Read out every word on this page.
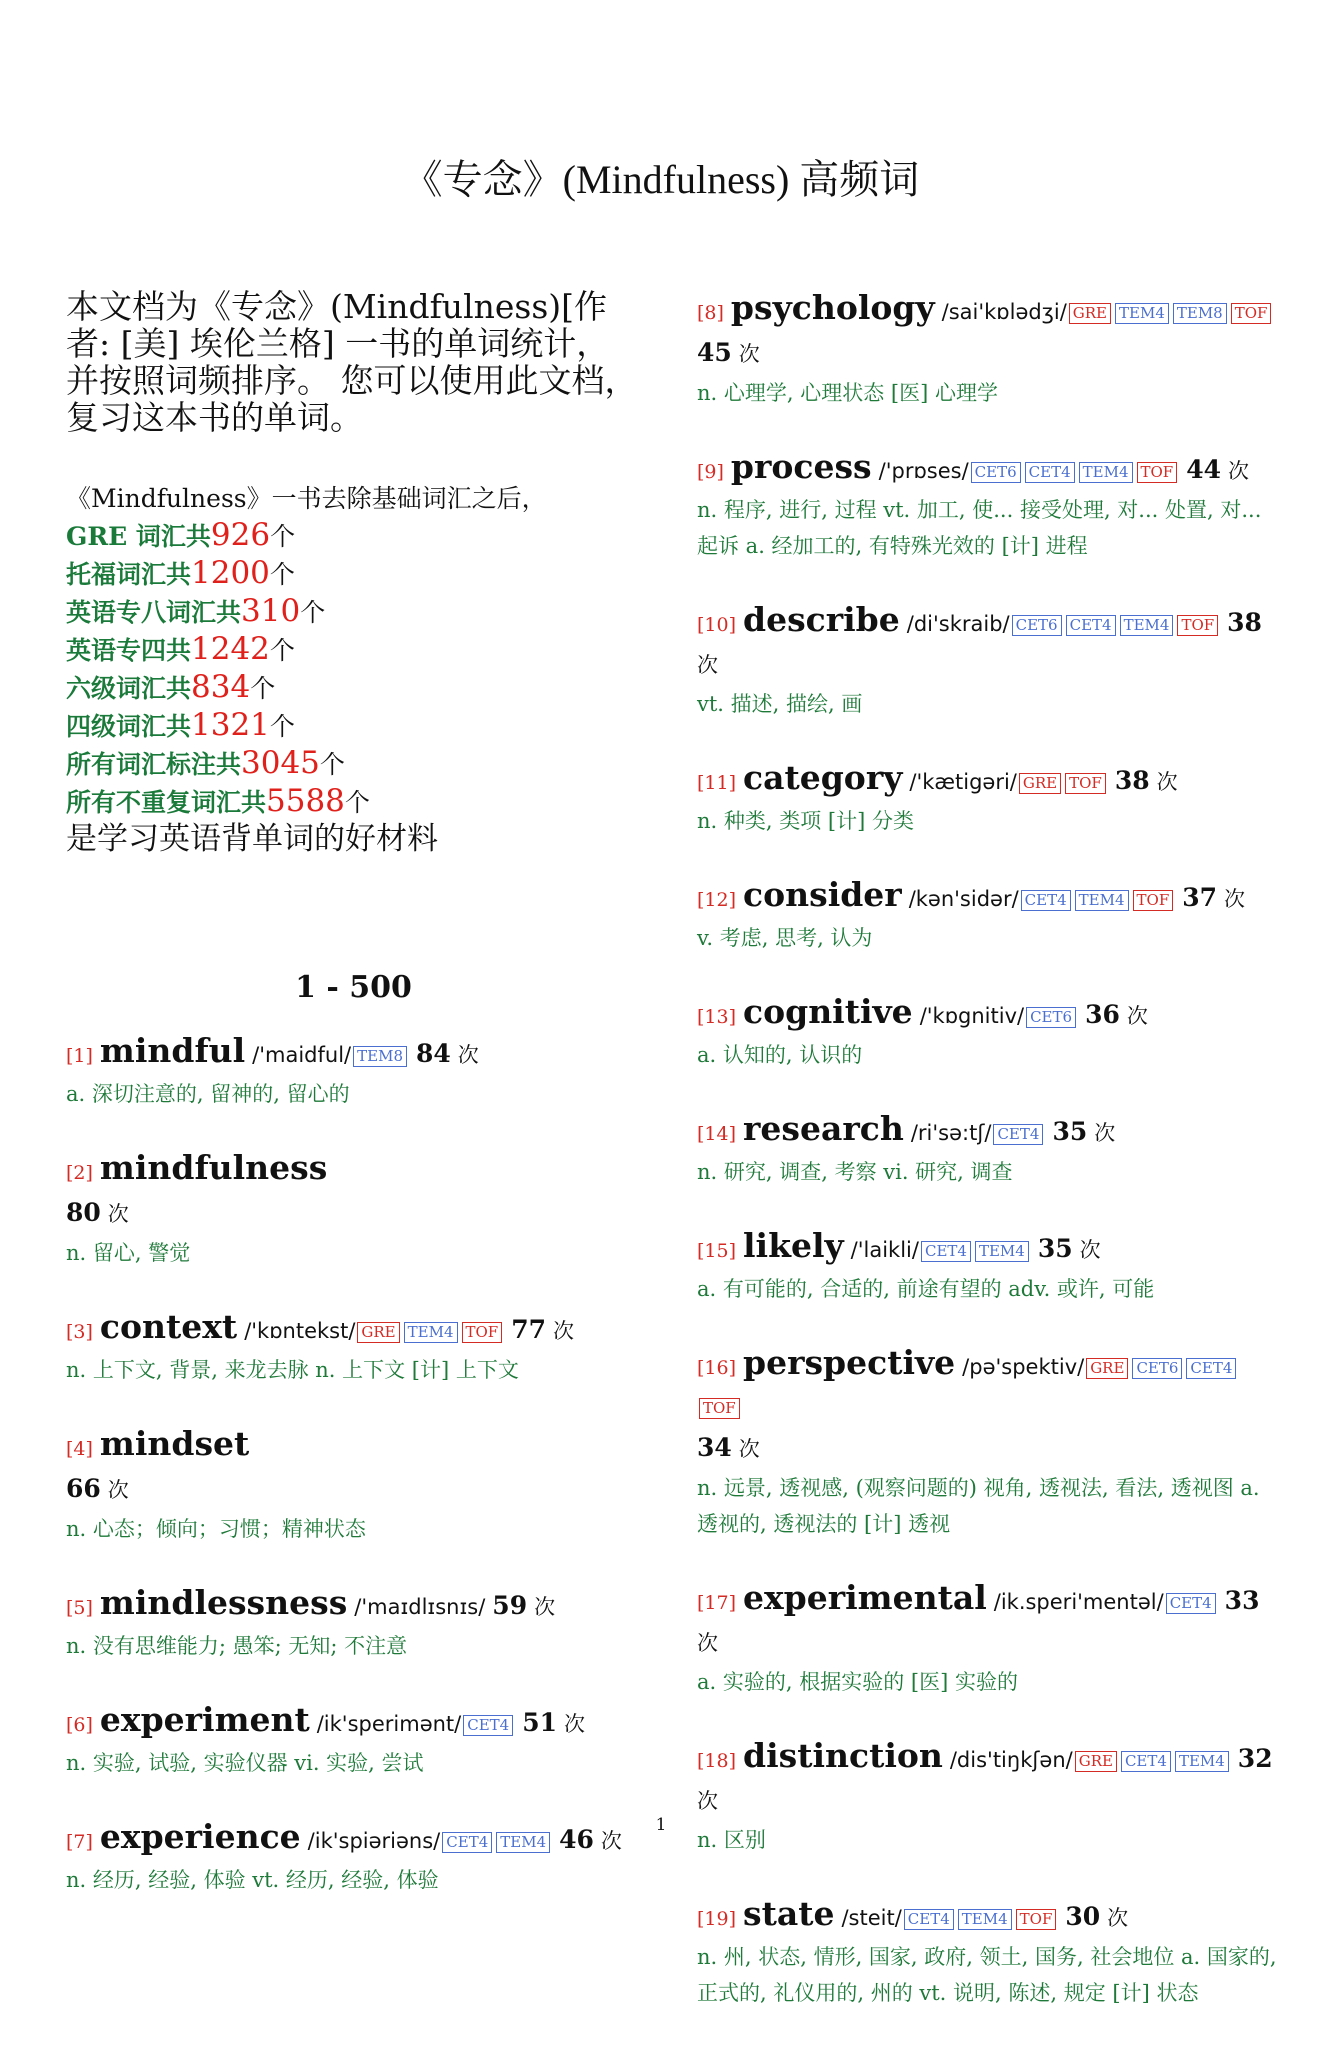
《专念》(Mindfulness) 高频词
本文档为《专念》(Mindfulness)[作者: [美] 埃伦兰格] 一书的单词统计，并按照词频排序。 您可以使用此文档，复习这本书的单词。
《Mindfulness》一书去除基础词汇之后，
GRE 词汇共926个
托福词汇共1200个
英语专八词汇共310个
英语专四共1242个
六级词汇共834个
四级词汇共1321个
所有词汇标注共3045个
所有不重复词汇共5588个
是学习英语背单词的好材料
1 - 500
[1] mindful /'maidful/ TEM8 84 次
a. 深切注意的, 留神的, 留心的
[2] mindfulness
80 次
n. 留心, 警觉
[3] context /'kɒntekst/ GRE TEM4 TOF 77 次
n. 上下文, 背景, 来龙去脉 n. 上下文 [计] 上下文
[4] mindset
66 次
n. 心态；倾向；习惯；精神状态
[5] mindlessness /'maɪdlɪsnɪs/ 59 次
n. 没有思维能力; 愚笨; 无知; 不注意
[6] experiment /ik'sperimənt/ CET4 51 次
n. 实验, 试验, 实验仪器 vi. 实验, 尝试
[7] experience /ik'spiəriəns/ CET4 TEM4 46 次
n. 经历, 经验, 体验 vt. 经历, 经验, 体验
[8] psychology /sai'kɒlədʒi/ GRE TEM4 TEM8 TOF
45 次
n. 心理学, 心理状态 [医] 心理学
[9] process /'prɒses/ CET6 CET4 TEM4 TOF 44 次
n. 程序, 进行, 过程 vt. 加工, 使... 接受处理, 对... 处置, 对... 起诉 a. 经加工的, 有特殊光效的 [计] 进程
[10] describe /di'skraib/ CET6 CET4 TEM4 TOF 38 次
vt. 描述, 描绘, 画
[11] category /'kætigəri/ GRE TOF 38 次
n. 种类, 类项 [计] 分类
[12] consider /kən'sidər/ CET4 TEM4 TOF 37 次
v. 考虑, 思考, 认为
[13] cognitive /'kɒgnitiv/ CET6 36 次
a. 认知的, 认识的
[14] research /ri'sə:tʃ/ CET4 35 次
n. 研究, 调查, 考察 vi. 研究, 调查
[15] likely /'laikli/ CET4 TEM4 35 次
a. 有可能的, 合适的, 前途有望的 adv. 或许, 可能
[16] perspective /pə'spektiv/ GRE CET6 CET4TOF
34 次
n. 远景, 透视感, (观察问题的) 视角, 透视法, 看法, 透视图 a. 透视的, 透视法的 [计] 透视
[17] experimental /ik.speri'mentəl/ CET4 33 次
a. 实验的, 根据实验的 [医] 实验的
[18] distinction /dis'tiŋkʃən/ GRE CET4 TEM4 32 次
n. 区别
[19] state /steit/ CET4 TEM4 TOF 30 次
n. 州, 状态, 情形, 国家, 政府, 领土, 国务, 社会地位 a. 国家的, 正式的, 礼仪用的, 州的 vt. 说明, 陈述, 规定 [计] 状态
1
